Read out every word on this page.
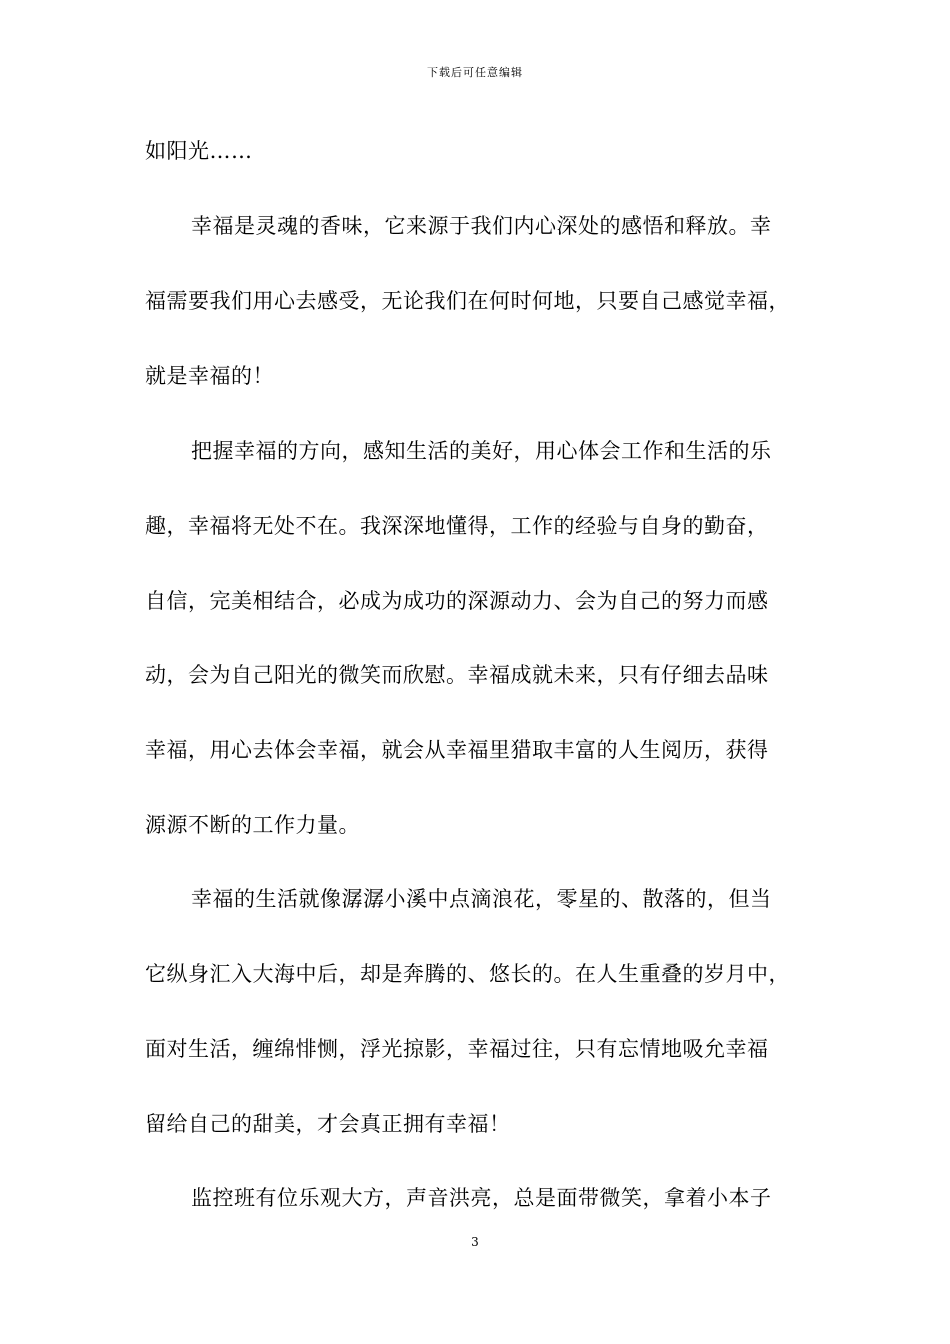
下载后可任意编辑
如阳光……
幸福是灵魂的香味，它来源于我们内心深处的感悟和释放。幸
福需要我们用心去感受，无论我们在何时何地，只要自己感觉幸福，
就是幸福的！
把握幸福的方向，感知生活的美好，用心体会工作和生活的乐
趣，幸福将无处不在。我深深地懂得，工作的经验与自身的勤奋，
自信，完美相结合，必成为成功的深源动力、会为自己的努力而感
动，会为自己阳光的微笑而欣慰。幸福成就未来，只有仔细去品味
幸福，用心去体会幸福，就会从幸福里猎取丰富的人生阅历，获得
源源不断的工作力量。
幸福的生活就像潺潺小溪中点滴浪花，零星的、散落的，但当
它纵身汇入大海中后，却是奔腾的、悠长的。在人生重叠的岁月中，
面对生活，缠绵悱恻，浮光掠影，幸福过往，只有忘情地吸允幸福
留给自己的甜美，才会真正拥有幸福！
监控班有位乐观大方，声音洪亮，总是面带微笑，拿着小本子
3
